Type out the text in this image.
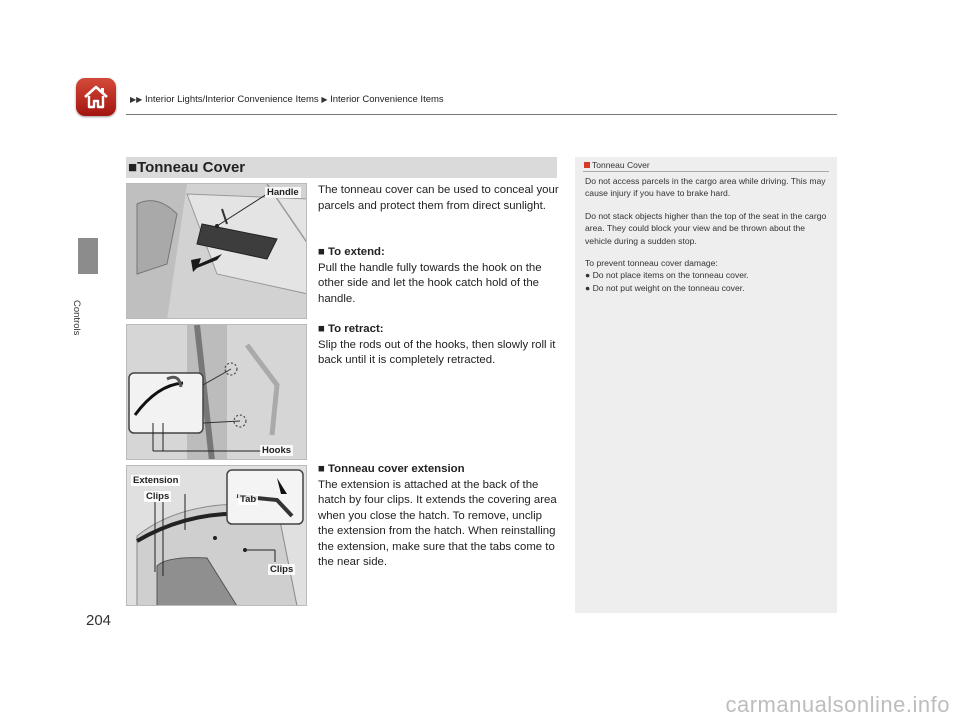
▶▶ Interior Lights/Interior Convenience Items ▶ Interior Convenience Items
Controls
■Tonneau Cover
Handle
Hooks
Extension
Clips	Tab
Clips
The tonneau cover can be used to conceal your parcels and protect them from direct sunlight.
■ To extend:
Pull the handle fully towards the hook on the other side and let the hook catch hold of the handle.
■ To retract:
Slip the rods out of the hooks, then slowly roll it back until it is completely retracted.
■ Tonneau cover extension
The extension is attached at the back of the hatch by four clips. It extends the covering area when you close the hatch. To remove, unclip the extension from the hatch. When reinstalling the extension, make sure that the tabs come to the near side.
Tonneau Cover

Do not access parcels in the cargo area while driving. This may cause injury if you have to brake hard.

Do not stack objects higher than the top of the seat in the cargo area. They could block your view and be thrown about the vehicle during a sudden stop.

To prevent tonneau cover damage:

● Do not place items on the tonneau cover.
● Do not put weight on the tonneau cover.
204
carmanualsonline.info
